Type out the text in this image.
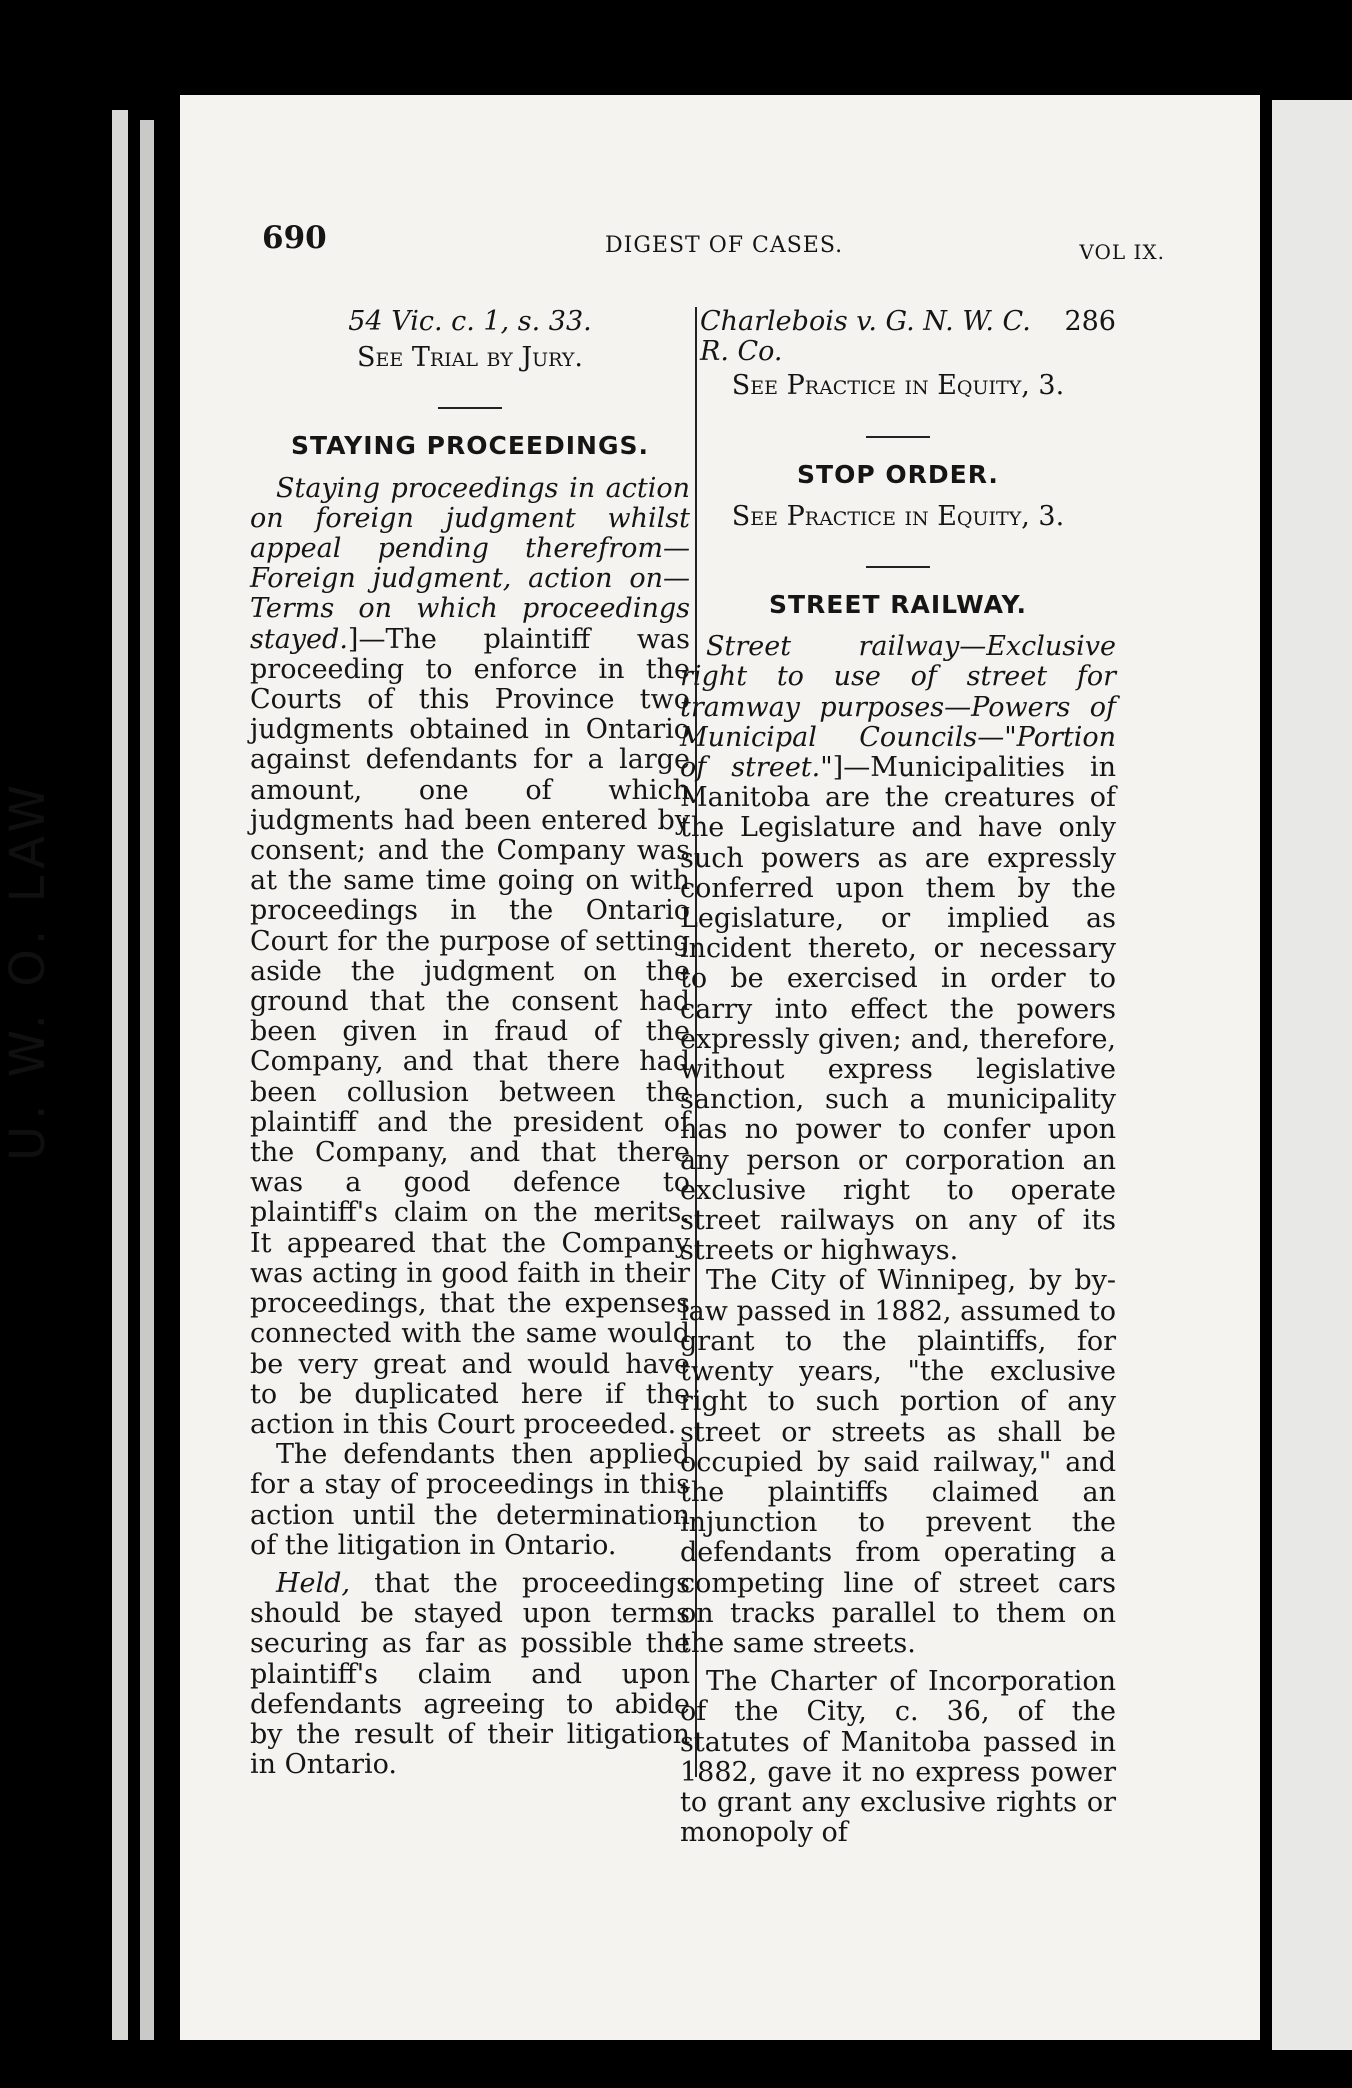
U. W. O. LAW
690	DIGEST OF CASES.	VOL IX.

54 Vic. c. 1, s. 33.

See Trial by Jury.

STAYING PROCEEDINGS.

Staying proceedings in action on foreign judgment whilst appeal pending therefrom—Foreign judgment, action on—Terms on which proceedings stayed.]—The plaintiff was proceeding to enforce in the Courts of this Province two judgments obtained in Ontario against defendants for a large amount, one of which judgments had been entered by consent; and the Company was at the same time going on with proceedings in the Ontario Court for the purpose of setting aside the judgment on the ground that the consent had been given in fraud of the Company, and that there had been collusion between the plaintiff and the president of the Company, and that there was a good defence to plaintiff's claim on the merits. It appeared that the Company was acting in good faith in their proceedings, that the expenses connected with the same would be very great and would have to be duplicated here if the action in this Court proceeded.

The defendants then applied for a stay of proceedings in this action until the determination of the litigation in Ontario.

Held, that the proceedings should be stayed upon terms securing as far as possible the plaintiff's claim and upon defendants agreeing to abide by the result of their litigation in Ontario.

Charlebois v. G. N. W. C. R. Co.
286

See Practice in Equity, 3.

STOP ORDER.

See Practice in Equity, 3.

STREET RAILWAY.

Street railway—Exclusive right to use of street for tramway purposes—Powers of Municipal Councils—"Portion of street."]—Municipalities in Manitoba are the creatures of the Legislature and have only such powers as are expressly conferred upon them by the Legislature, or implied as incident thereto, or necessary to be exercised in order to carry into effect the powers expressly given; and, therefore, without express legislative sanction, such a municipality has no power to confer upon any person or corporation an exclusive right to operate street railways on any of its streets or highways.

The City of Winnipeg, by by-law passed in 1882, assumed to grant to the plaintiffs, for twenty years, "the exclusive right to such portion of any street or streets as shall be occupied by said railway," and the plaintiffs claimed an injunction to prevent the defendants from operating a competing line of street cars on tracks parallel to them on the same streets.

The Charter of Incorporation of the City, c. 36, of the statutes of Manitoba passed in 1882, gave it no express power to grant any exclusive rights or monopoly of
